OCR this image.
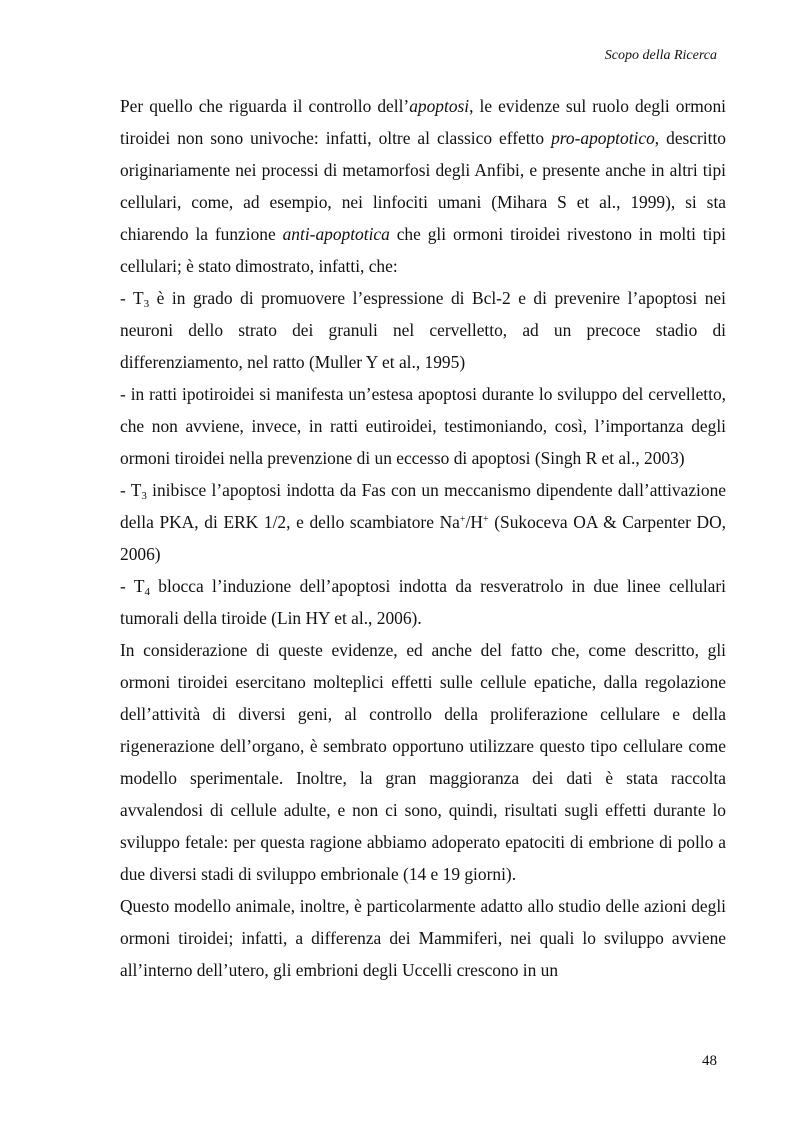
Scopo della Ricerca

Per quello che riguarda il controllo dell’apoptosi, le evidenze sul ruolo degli ormoni tiroidei non sono univoche: infatti, oltre al classico effetto pro-apoptotico, descritto originariamente nei processi di metamorfosi degli Anfibi, e presente anche in altri tipi cellulari, come, ad esempio, nei linfociti umani (Mihara S et al., 1999), si sta chiarendo la funzione anti-apoptotica che gli ormoni tiroidei rivestono in molti tipi cellulari; è stato dimostrato, infatti, che:

- $T_3$ è in grado di promuovere l’espressione di Bcl-2 e di prevenire l’apoptosi nei neuroni dello strato dei granuli nel cervelletto, ad un precoce stadio di differenziamento, nel ratto (Muller Y et al., 1995)

- in ratti ipotiroidei si manifesta un’estesa apoptosi durante lo sviluppo del cervelletto, che non avviene, invece, in ratti eutiroidei, testimoniando, così, l’importanza degli ormoni tiroidei nella prevenzione di un eccesso di apoptosi (Singh R et al., 2003)

- $T_3$ inibisce l’apoptosi indotta da Fas con un meccanismo dipendente dall’attivazione della PKA, di ERK 1/2, e dello scambiatore Na+/H+ (Sukoceva OA & Carpenter DO, 2006)

- $T_4$ blocca l’induzione dell’apoptosi indotta da resveratrolo in due linee cellulari tumorali della tiroide (Lin HY et al., 2006).

In considerazione di queste evidenze, ed anche del fatto che, come descritto, gli ormoni tiroidei esercitano molteplici effetti sulle cellule epatiche, dalla regolazione dell’attività di diversi geni, al controllo della proliferazione cellulare e della rigenerazione dell’organo, è sembrato opportuno utilizzare questo tipo cellulare come modello sperimentale. Inoltre, la gran maggioranza dei dati è stata raccolta avvalendosi di cellule adulte, e non ci sono, quindi, risultati sugli effetti durante lo sviluppo fetale: per questa ragione abbiamo adoperato epatociti di embrione di pollo a due diversi stadi di sviluppo embrionale (14 e 19 giorni).

Questo modello animale, inoltre, è particolarmente adatto allo studio delle azioni degli ormoni tiroidei; infatti, a differenza dei Mammiferi, nei quali lo sviluppo avviene all’interno dell’utero, gli embrioni degli Uccelli crescono in un

48
